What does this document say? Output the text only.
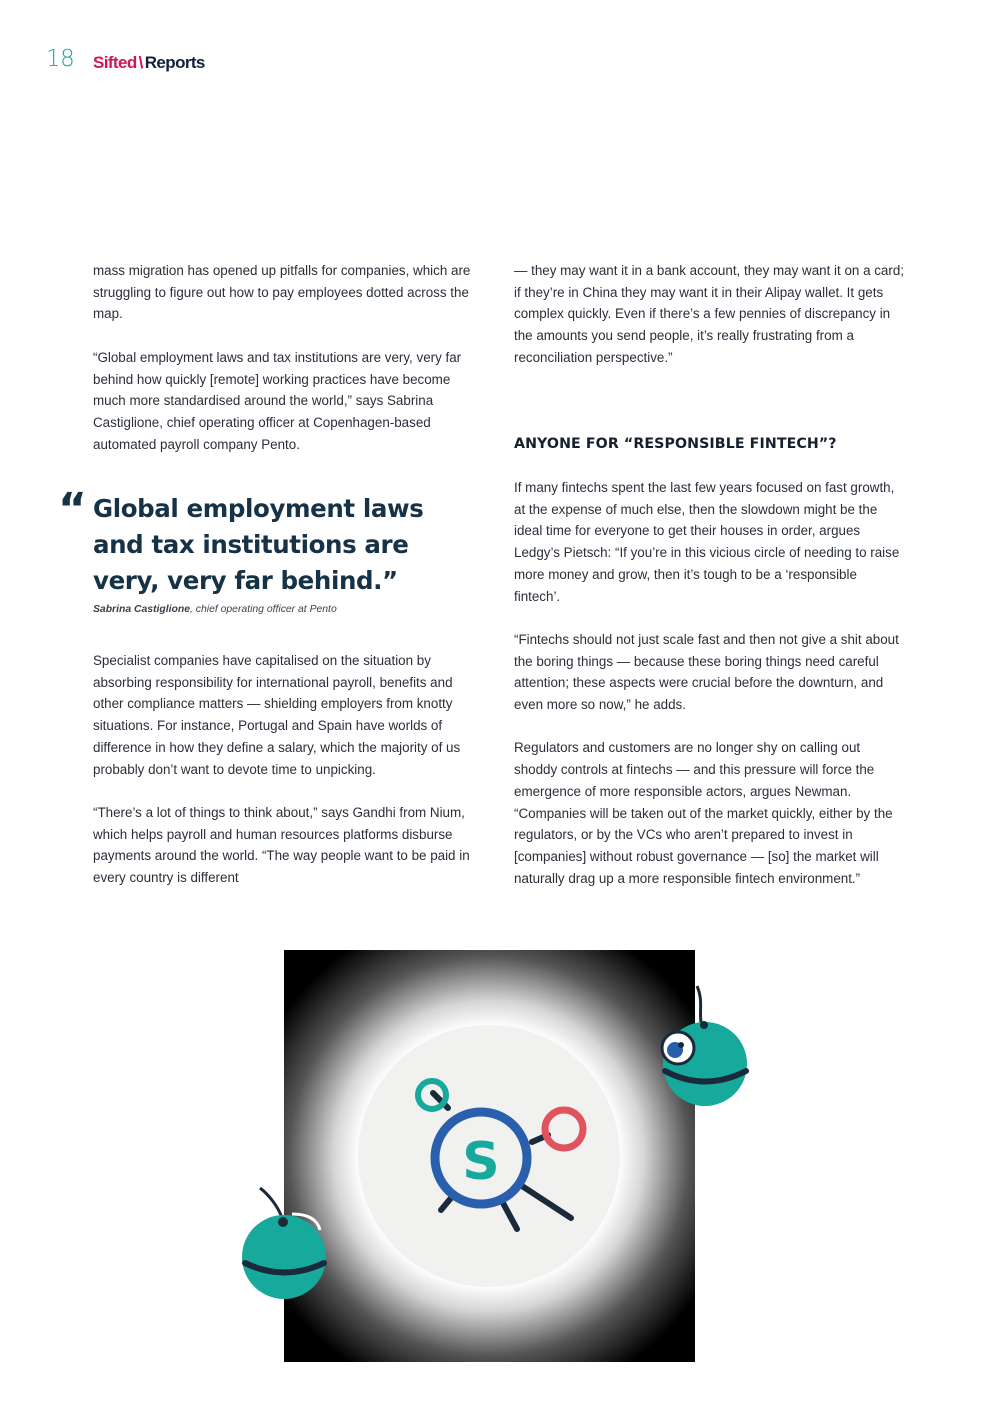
18 Sifted \ Reports

mass migration has opened up pitfalls for companies, which are struggling to figure out how to pay employees dotted across the map.

“Global employment laws and tax institutions are very, very far behind how quickly [remote] working practices have become much more standardised around the world,” says Sabrina Castiglione, chief operating officer at Copenhagen-based automated payroll company Pento.

“ Global employment laws and tax institutions are very, very far behind.”
Sabrina Castiglione, chief operating officer at Pento

Specialist companies have capitalised on the situation by absorbing responsibility for international payroll, benefits and other compliance matters — shielding employers from knotty situations. For instance, Portugal and Spain have worlds of difference in how they define a salary, which the majority of us probably don’t want to devote time to unpicking.

“There’s a lot of things to think about,” says Gandhi from Nium, which helps payroll and human resources platforms disburse payments around the world. “The way people want to be paid in every country is different

— they may want it in a bank account, they may want it on a card; if they’re in China they may want it in their Alipay wallet. It gets complex quickly. Even if there’s a few pennies of discrepancy in the amounts you send people, it’s really frustrating from a reconciliation perspective.”

ANYONE FOR “RESPONSIBLE FINTECH”?

If many fintechs spent the last few years focused on fast growth, at the expense of much else, then the slowdown might be the ideal time for everyone to get their houses in order, argues Ledgy’s Pietsch: “If you’re in this vicious circle of needing to raise more money and grow, then it’s tough to be a ‘responsible fintech’.

“Fintechs should not just scale fast and then not give a shit about the boring things — because these boring things need careful attention; these aspects were crucial before the downturn, and even more so now,” he adds.

Regulators and customers are no longer shy on calling out shoddy controls at fintechs — and this pressure will force the emergence of more responsible actors, argues Newman. “Companies will be taken out of the market quickly, either by the regulators, or by the VCs who aren’t prepared to invest in [companies] without robust governance — [so] the market will naturally drag up a more responsible fintech environment.”

S
